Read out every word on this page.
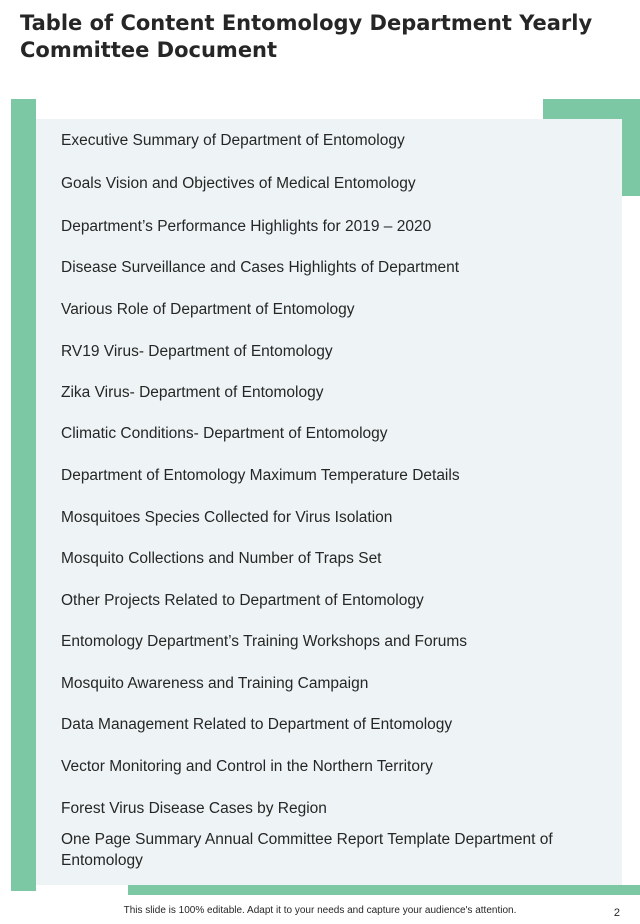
Table of Content Entomology Department Yearly Committee Document
Executive Summary of Department of Entomology
Goals Vision and Objectives of Medical Entomology
Department’s Performance Highlights for 2019 – 2020
Disease Surveillance and Cases Highlights of Department
Various Role of Department of Entomology
RV19 Virus- Department of Entomology
Zika Virus- Department of Entomology
Climatic Conditions- Department of Entomology
Department of Entomology Maximum Temperature Details
Mosquitoes Species Collected for Virus Isolation
Mosquito Collections and Number of Traps Set
Other Projects Related to Department of Entomology
Entomology Department’s Training Workshops and Forums
Mosquito Awareness and Training Campaign
Data Management Related to Department of Entomology
Vector Monitoring and Control in the Northern Territory
Forest Virus Disease Cases by Region
One Page Summary Annual Committee Report Template Department of Entomology
This slide is 100% editable. Adapt it to your needs and capture your audience's attention.	2
